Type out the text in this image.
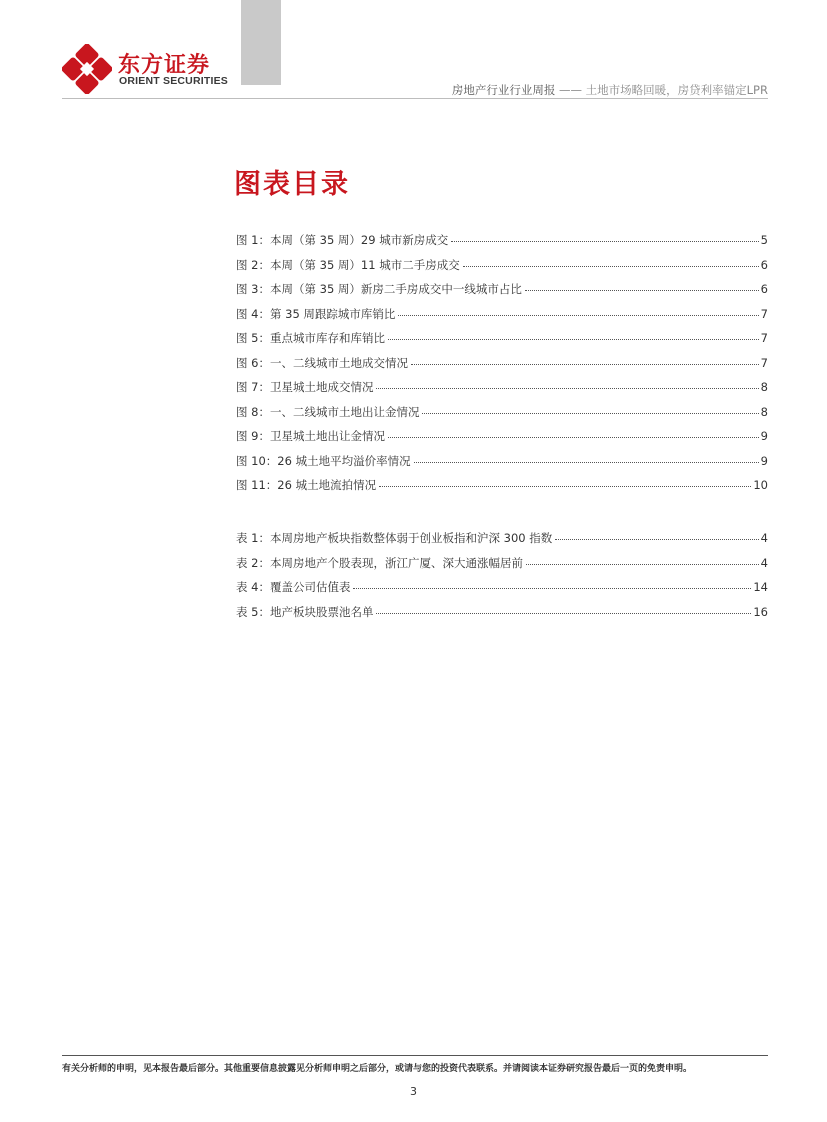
东方证券
ORIENT SECURITIES
房地产行业行业周报 —— 土地市场略回暖，房贷利率锚定LPR
图表目录
图 1：本周（第 35 周）29 城市新房成交	5
图 2：本周（第 35 周）11 城市二手房成交	6
图 3：本周（第 35 周）新房二手房成交中一线城市占比	6
图 4：第 35 周跟踪城市库销比	7
图 5：重点城市库存和库销比	7
图 6：一、二线城市土地成交情况	7
图 7：卫星城土地成交情况	8
图 8：一、二线城市土地出让金情况	8
图 9：卫星城土地出让金情况	9
图 10：26 城土地平均溢价率情况	9
图 11：26 城土地流拍情况	10
表 1：本周房地产板块指数整体弱于创业板指和沪深 300 指数	4
表 2：本周房地产个股表现，浙江广厦、深大通涨幅居前	4
表 4：覆盖公司估值表	14
表 5：地产板块股票池名单	16
有关分析师的申明，见本报告最后部分。其他重要信息披露见分析师申明之后部分，或请与您的投资代表联系。并请阅读本证券研究报告最后一页的免责申明。
3
